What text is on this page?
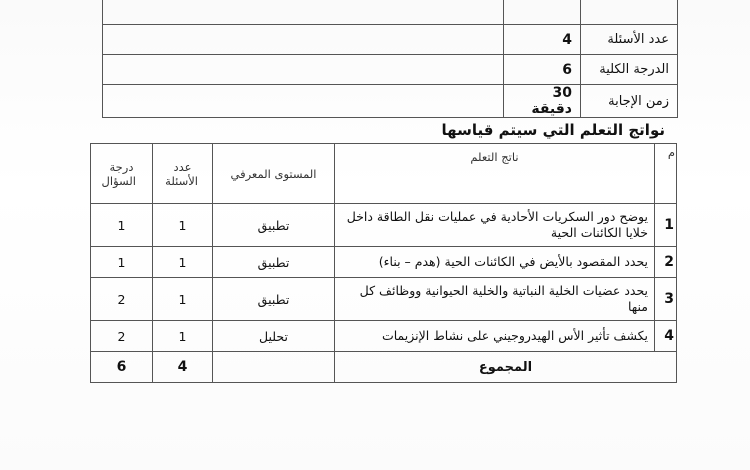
عدد الأسئلة	4	
الدرجة الكلية	6	
زمن الإجابة	30 دقيقة	
نواتج التعلم التي سيتم قياسها
م	ناتج التعلم	المستوى المعرفي	عدد الأسئلة	درجة السؤال
1	يوضح دور السكريات الأحادية في عمليات نقل الطاقة داخل خلايا الكائنات الحية	تطبيق	1	1
2	يحدد المقصود بالأيض في الكائنات الحية (هدم – بناء)	تطبيق	1	1
3	يحدد عضيات الخلية النباتية والخلية الحيوانية ووظائف كل منها	تطبيق	1	2
4	يكشف تأثير الأس الهيدروجيني على نشاط الإنزيمات	تحليل	1	2
المجموع			4	6
